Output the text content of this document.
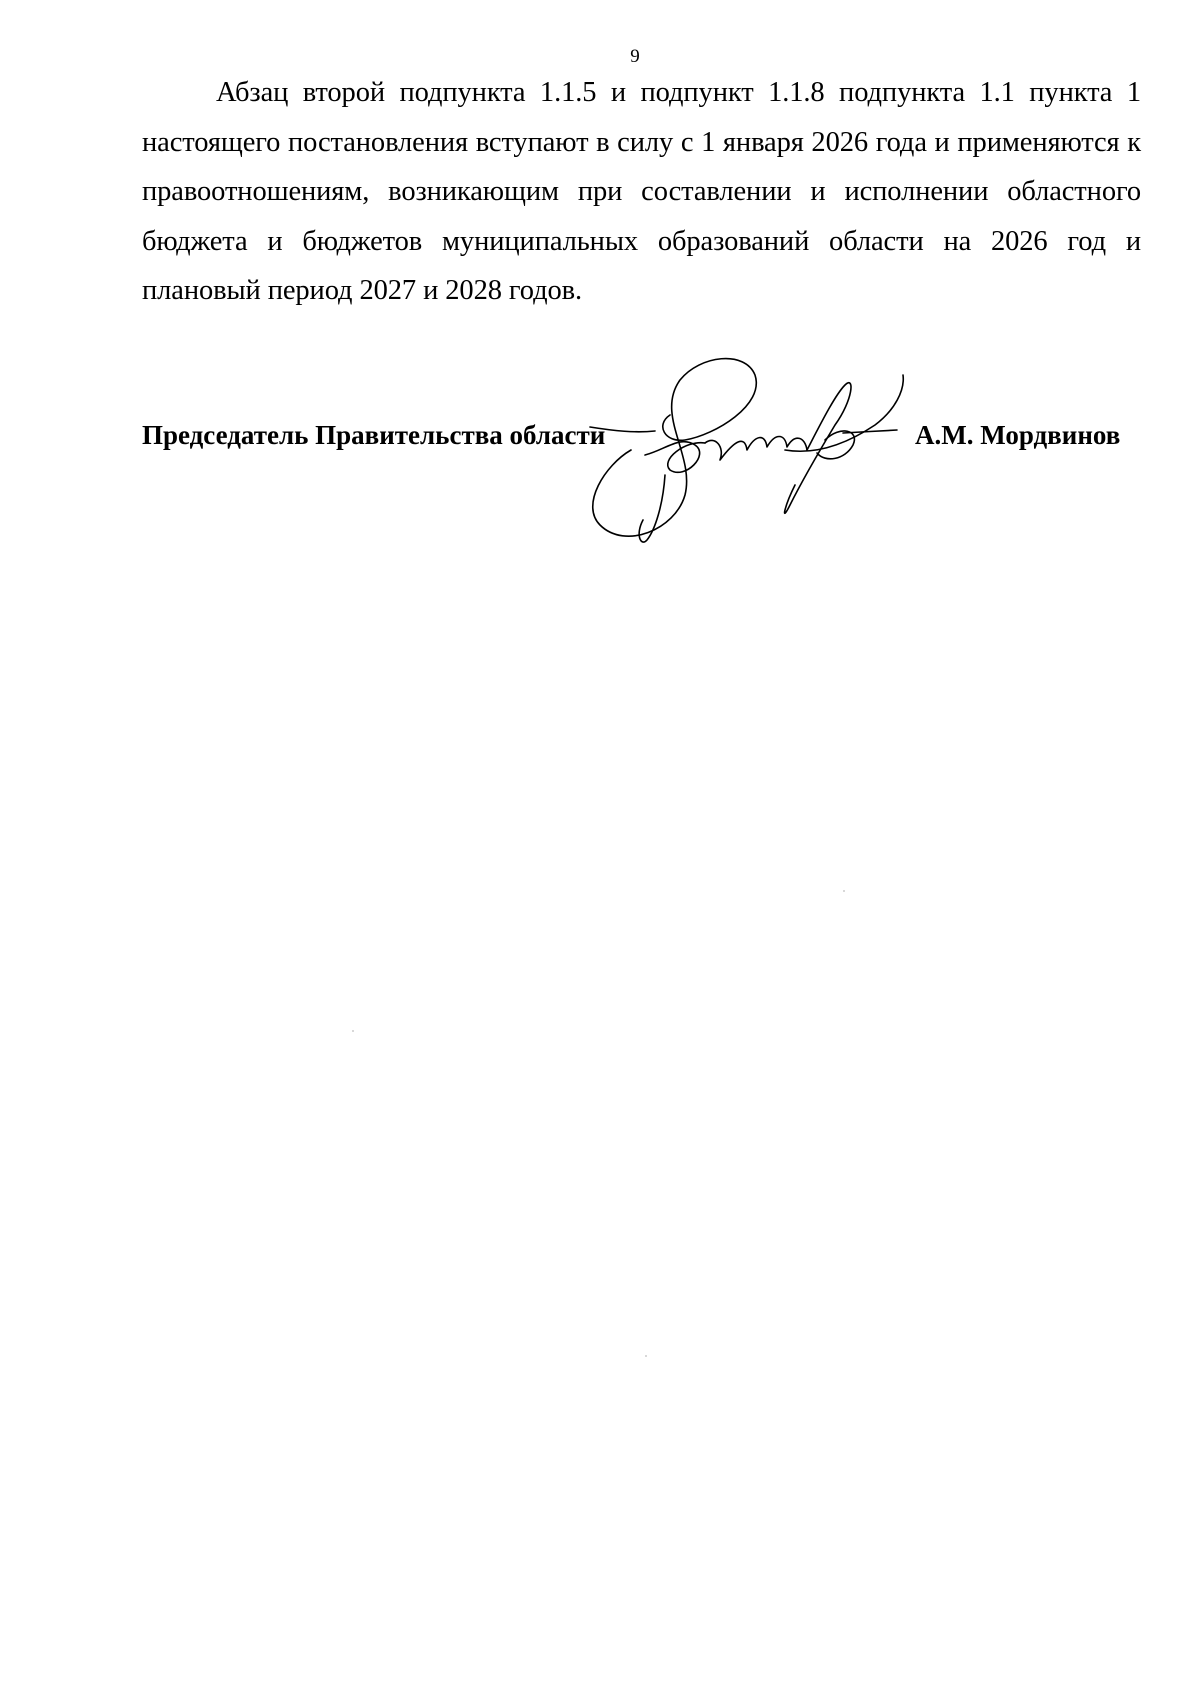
9

Абзац второй подпункта 1.1.5 и подпункт 1.1.8 подпункта 1.1 пункта 1 настоящего постановления вступают в силу с 1 января 2026 года и применяются к правоотношениям, возникающим при составлении и исполнении областного бюджета и бюджетов муниципальных образований области на 2026 год и плановый период 2027 и 2028 годов.

Председатель Правительства области	А.М. Мордвинов
